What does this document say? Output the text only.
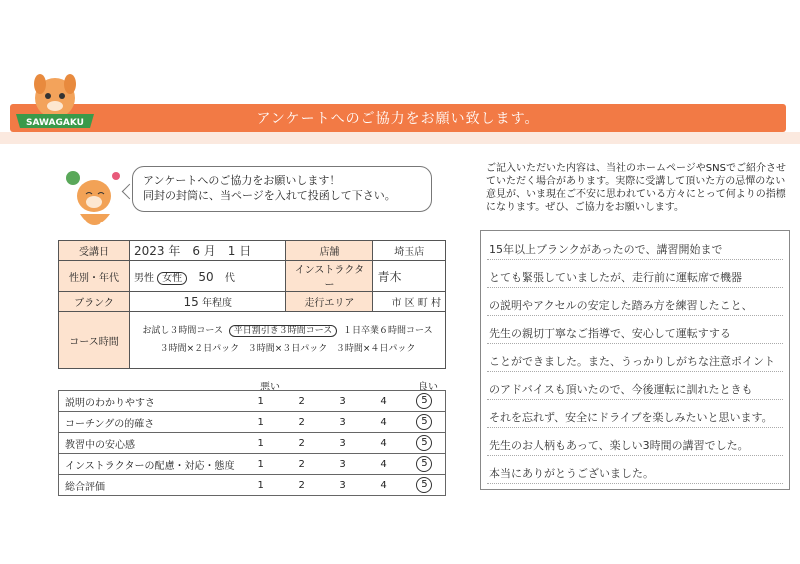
アンケートへのご協力をお願い致します。
SAWAGAKU
アンケートへのご協力をお願いします！
同封の封筒に、当ページを入れて投函して下さい。
受講日	2023 年　6 月　1 日	店舗	埼玉店
性別・年代	男性 女性 50 代	インストラクター	青木
ブランク	15 年程度	走行エリア	市 区 町 村
コース時間	お試し３時間コース 平日割引き３時間コース １日卒業６時間コース
３時間×２日パック ３時間×３日パック ３時間×４日パック		
悪い	良い
説明のわかりやすさ	1	2	3	4	5
コーチングの的確さ	1	2	3	4	5
教習中の安心感	1	2	3	4	5
インストラクターの配慮・対応・態度	1	2	3	4	5
総合評価	1	2	3	4	5
ご記入いただいた内容は、当社のホームページやSNSでご紹介させていただく場合があります。実際に受講して頂いた方の忌憚のない意見が、いま現在ご不安に思われている方々にとって何よりの指標になります。ぜひ、ご協力をお願いします。
15年以上ブランクがあったので、講習開始まで
とても緊張していましたが、走行前に運転席で機器
の説明やアクセルの安定した踏み方を練習したこと、
先生の親切丁寧なご指導で、安心して運転すする
ことができました。また、うっかりしがちな注意ポイント
のアドバイスも頂いたので、今後運転に訓れたときも
それを忘れず、安全にドライブを楽しみたいと思います。
先生のお人柄もあって、楽しい3時間の講習でした。
本当にありがとうございました。
